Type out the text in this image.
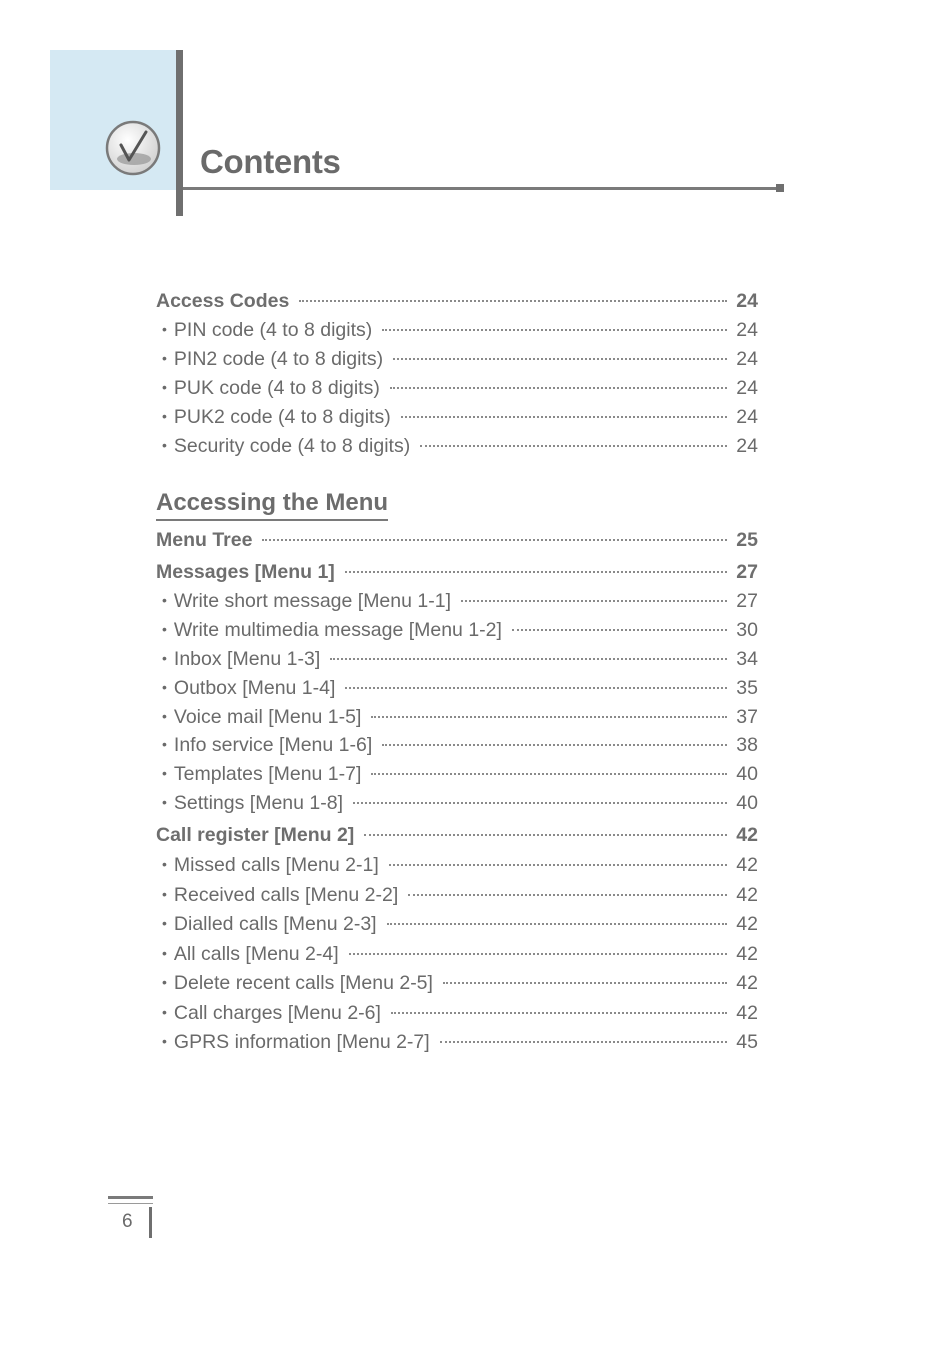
Contents
Access Codes	24
• PIN code (4 to 8 digits)	24
• PIN2 code (4 to 8 digits)	24
• PUK code (4 to 8 digits)	24
• PUK2 code (4 to 8 digits)	24
• Security code (4 to 8 digits)	24
Accessing the Menu
Menu Tree	25
Messages [Menu 1]	27
• Write short message [Menu 1-1]	27
• Write multimedia message [Menu 1-2]	30
• Inbox [Menu 1-3]	34
• Outbox [Menu 1-4]	35
• Voice mail [Menu 1-5]	37
• Info service [Menu 1-6]	38
• Templates [Menu 1-7]	40
• Settings [Menu 1-8]	40
Call register [Menu 2]	42
• Missed calls [Menu 2-1]	42
• Received calls [Menu 2-2]	42
• Dialled calls [Menu 2-3]	42
• All calls [Menu 2-4]	42
• Delete recent calls [Menu 2-5]	42
• Call charges [Menu 2-6]	42
• GPRS information [Menu 2-7]	45
6
